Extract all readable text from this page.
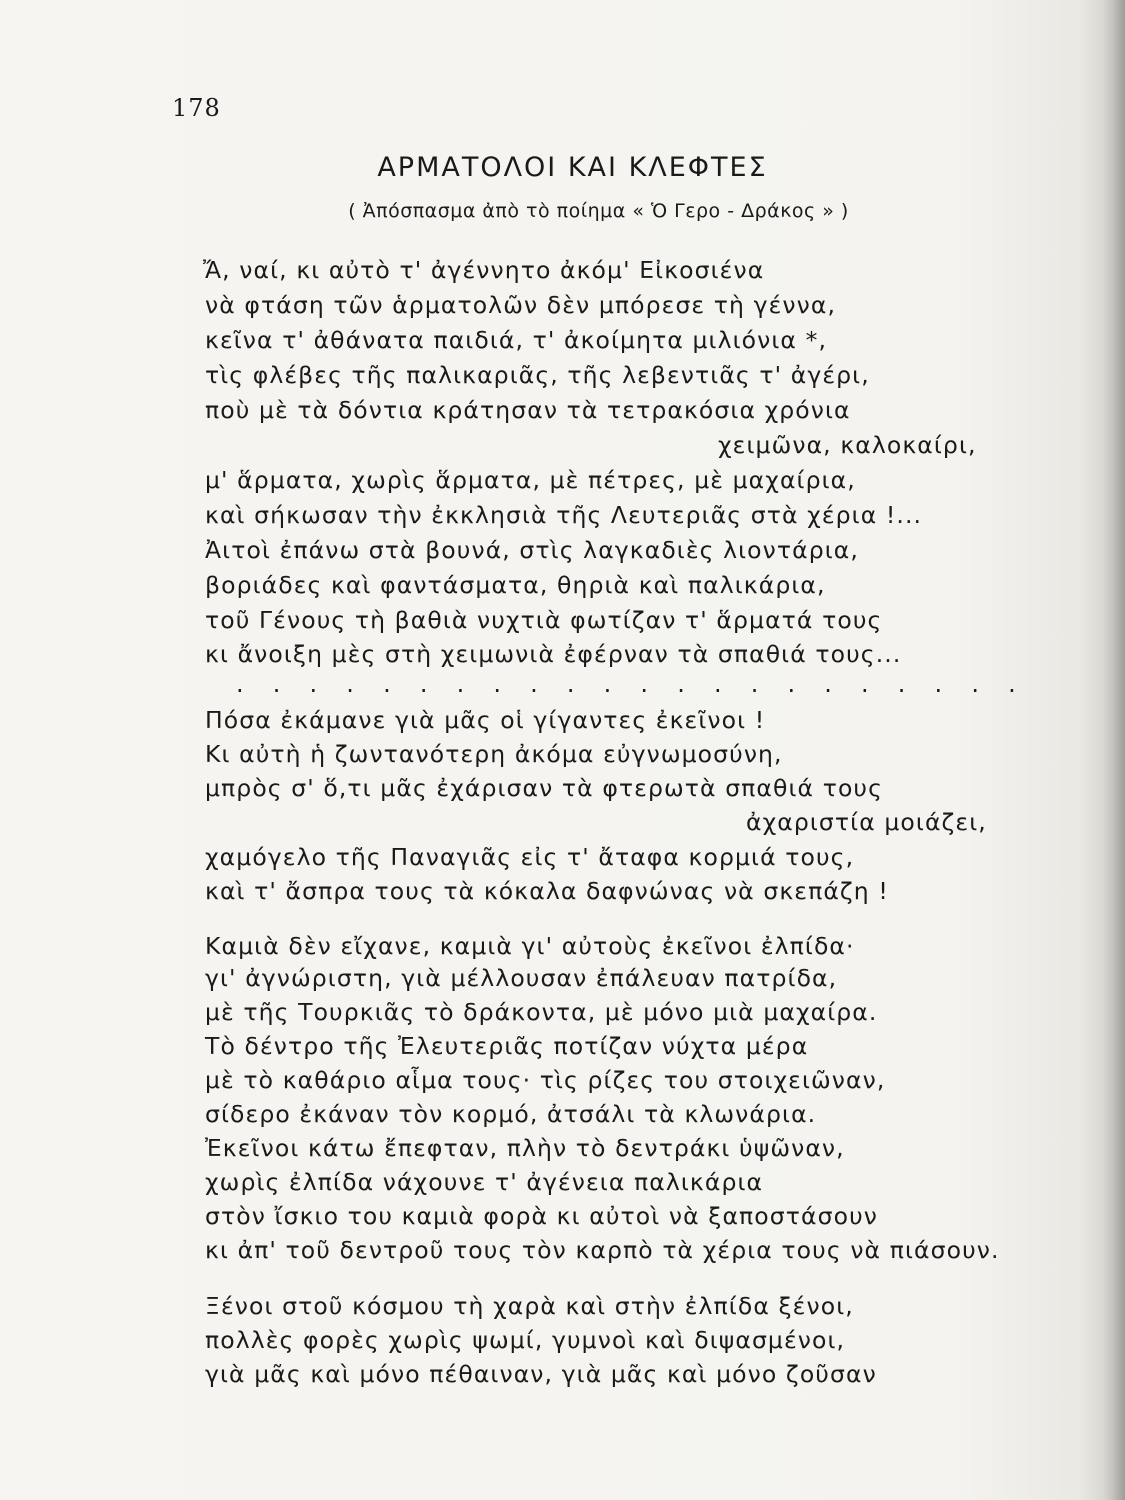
178
ΑΡΜΑΤΟΛΟΙ ΚΑΙ ΚΛΕΦΤΕΣ
( Ἀπόσπασμα ἀπὸ τὸ ποίημα « Ὁ Γερο - Δράκος » )
Ἄ, ναί, κι αὐτὸ τ' ἀγέννητο ἀκόμ' Εἰκοσιένα
νὰ φτάση τῶν ἁρματολῶν δὲν μπόρεσε τὴ γέννα,
κεῖνα τ' ἀθάνατα παιδιά, τ' ἀκοίμητα μιλιόνια *,
τὶς φλέβες τῆς παλικαριᾶς, τῆς λεβεντιᾶς τ' ἀγέρι,
ποὺ μὲ τὰ δόντια κράτησαν τὰ τετρακόσια χρόνια
χειμῶνα, καλοκαίρι,
μ' ἅρματα, χωρὶς ἅρματα, μὲ πέτρες, μὲ μαχαίρια,
καὶ σήκωσαν τὴν ἐκκλησιὰ τῆς Λευτεριᾶς στὰ χέρια !...
Ἀιτοὶ ἐπάνω στὰ βουνά, στὶς λαγκαδιὲς λιοντάρια,
βοριάδες καὶ φαντάσματα, θηριὰ καὶ παλικάρια,
τοῦ Γένους τὴ βαθιὰ νυχτιὰ φωτίζαν τ' ἅρματά τους
κι ἄνοιξη μὲς στὴ χειμωνιὰ ἐφέρναν τὰ σπαθιά τους...
. . . . . . . . . . . . . . . . . . . . . .
Πόσα ἐκάμανε γιὰ μᾶς οἱ γίγαντες ἐκεῖνοι !
Κι αὐτὴ ἡ ζωντανότερη ἀκόμα εὐγνωμοσύνη,
μπρὸς σ' ὅ,τι μᾶς ἐχάρισαν τὰ φτερωτὰ σπαθιά τους
ἀχαριστία μοιάζει,
χαμόγελο τῆς Παναγιᾶς εἰς τ' ἄταφα κορμιά τους,
καὶ τ' ἄσπρα τους τὰ κόκαλα δαφνώνας νὰ σκεπάζη !
Καμιὰ δὲν εἴχανε, καμιὰ γι' αὐτοὺς ἐκεῖνοι ἐλπίδα·
γι' ἀγνώριστη, γιὰ μέλλουσαν ἐπάλευαν πατρίδα,
μὲ τῆς Τουρκιᾶς τὸ δράκοντα, μὲ μόνο μιὰ μαχαίρα.
Τὸ δέντρο τῆς Ἐλευτεριᾶς ποτίζαν νύχτα μέρα
μὲ τὸ καθάριο αἷμα τους· τὶς ρίζες του στοιχειῶναν,
σίδερο ἐκάναν τὸν κορμό, ἀτσάλι τὰ κλωνάρια.
Ἐκεῖνοι κάτω ἔπεφταν, πλὴν τὸ δεντράκι ὑψῶναν,
χωρὶς ἐλπίδα νάχουνε τ' ἀγένεια παλικάρια
στὸν ἴσκιο του καμιὰ φορὰ κι αὐτοὶ νὰ ξαποστάσουν
κι ἀπ' τοῦ δεντροῦ τους τὸν καρπὸ τὰ χέρια τους νὰ πιάσουν.
Ξένοι στοῦ κόσμου τὴ χαρὰ καὶ στὴν ἐλπίδα ξένοι,
πολλὲς φορὲς χωρὶς ψωμί, γυμνοὶ καὶ διψασμένοι,
γιὰ μᾶς καὶ μόνο πέθαιναν, γιὰ μᾶς καὶ μόνο ζοῦσαν
